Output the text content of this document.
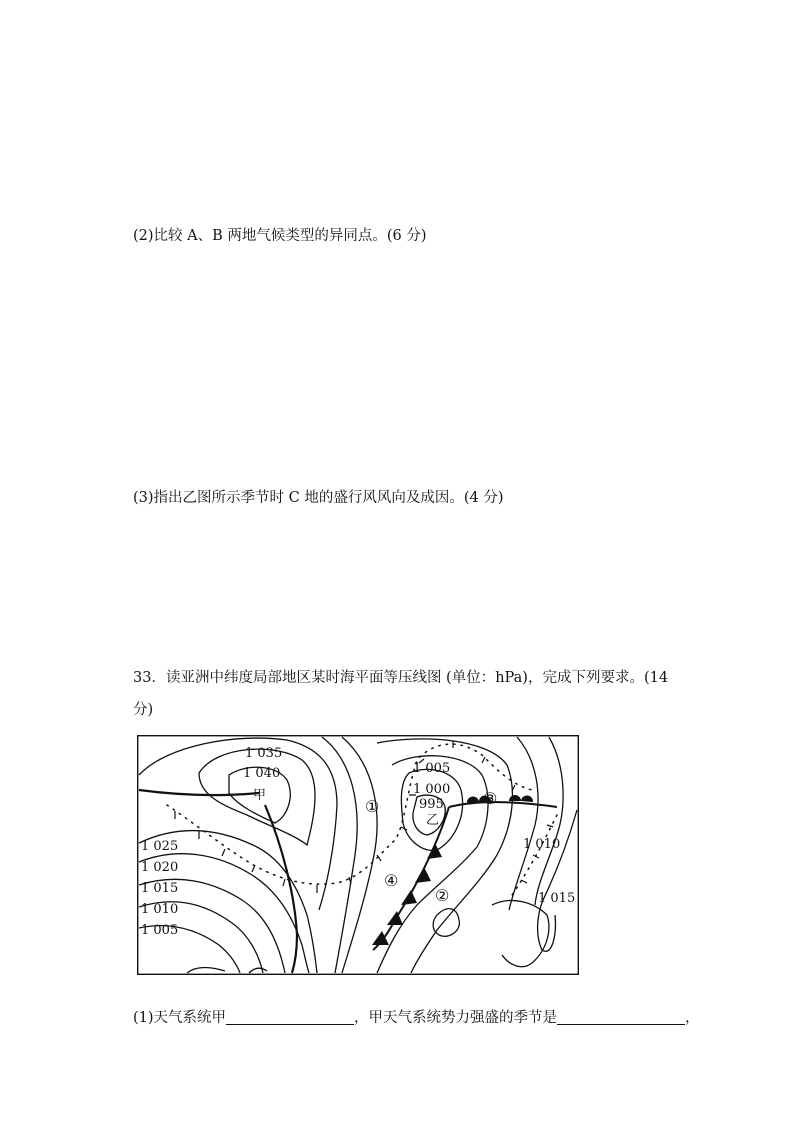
(2)比较 A、B 两地气候类型的异同点。(6 分)
(3)指出乙图所示季节时 C 地的盛行风风向及成因。(4 分)
33．读亚洲中纬度局部地区某时海平面等压线图 (单位：hPa)，完成下列要求。(14
分)
1 035
1 040
1 025
1 020
1 015
1 010
1 005
1 005
1 000
995
1 010
1 015
甲
乙
①
②
③
④
(1)天气系统甲	，甲天气系统势力强盛的季节是	，
